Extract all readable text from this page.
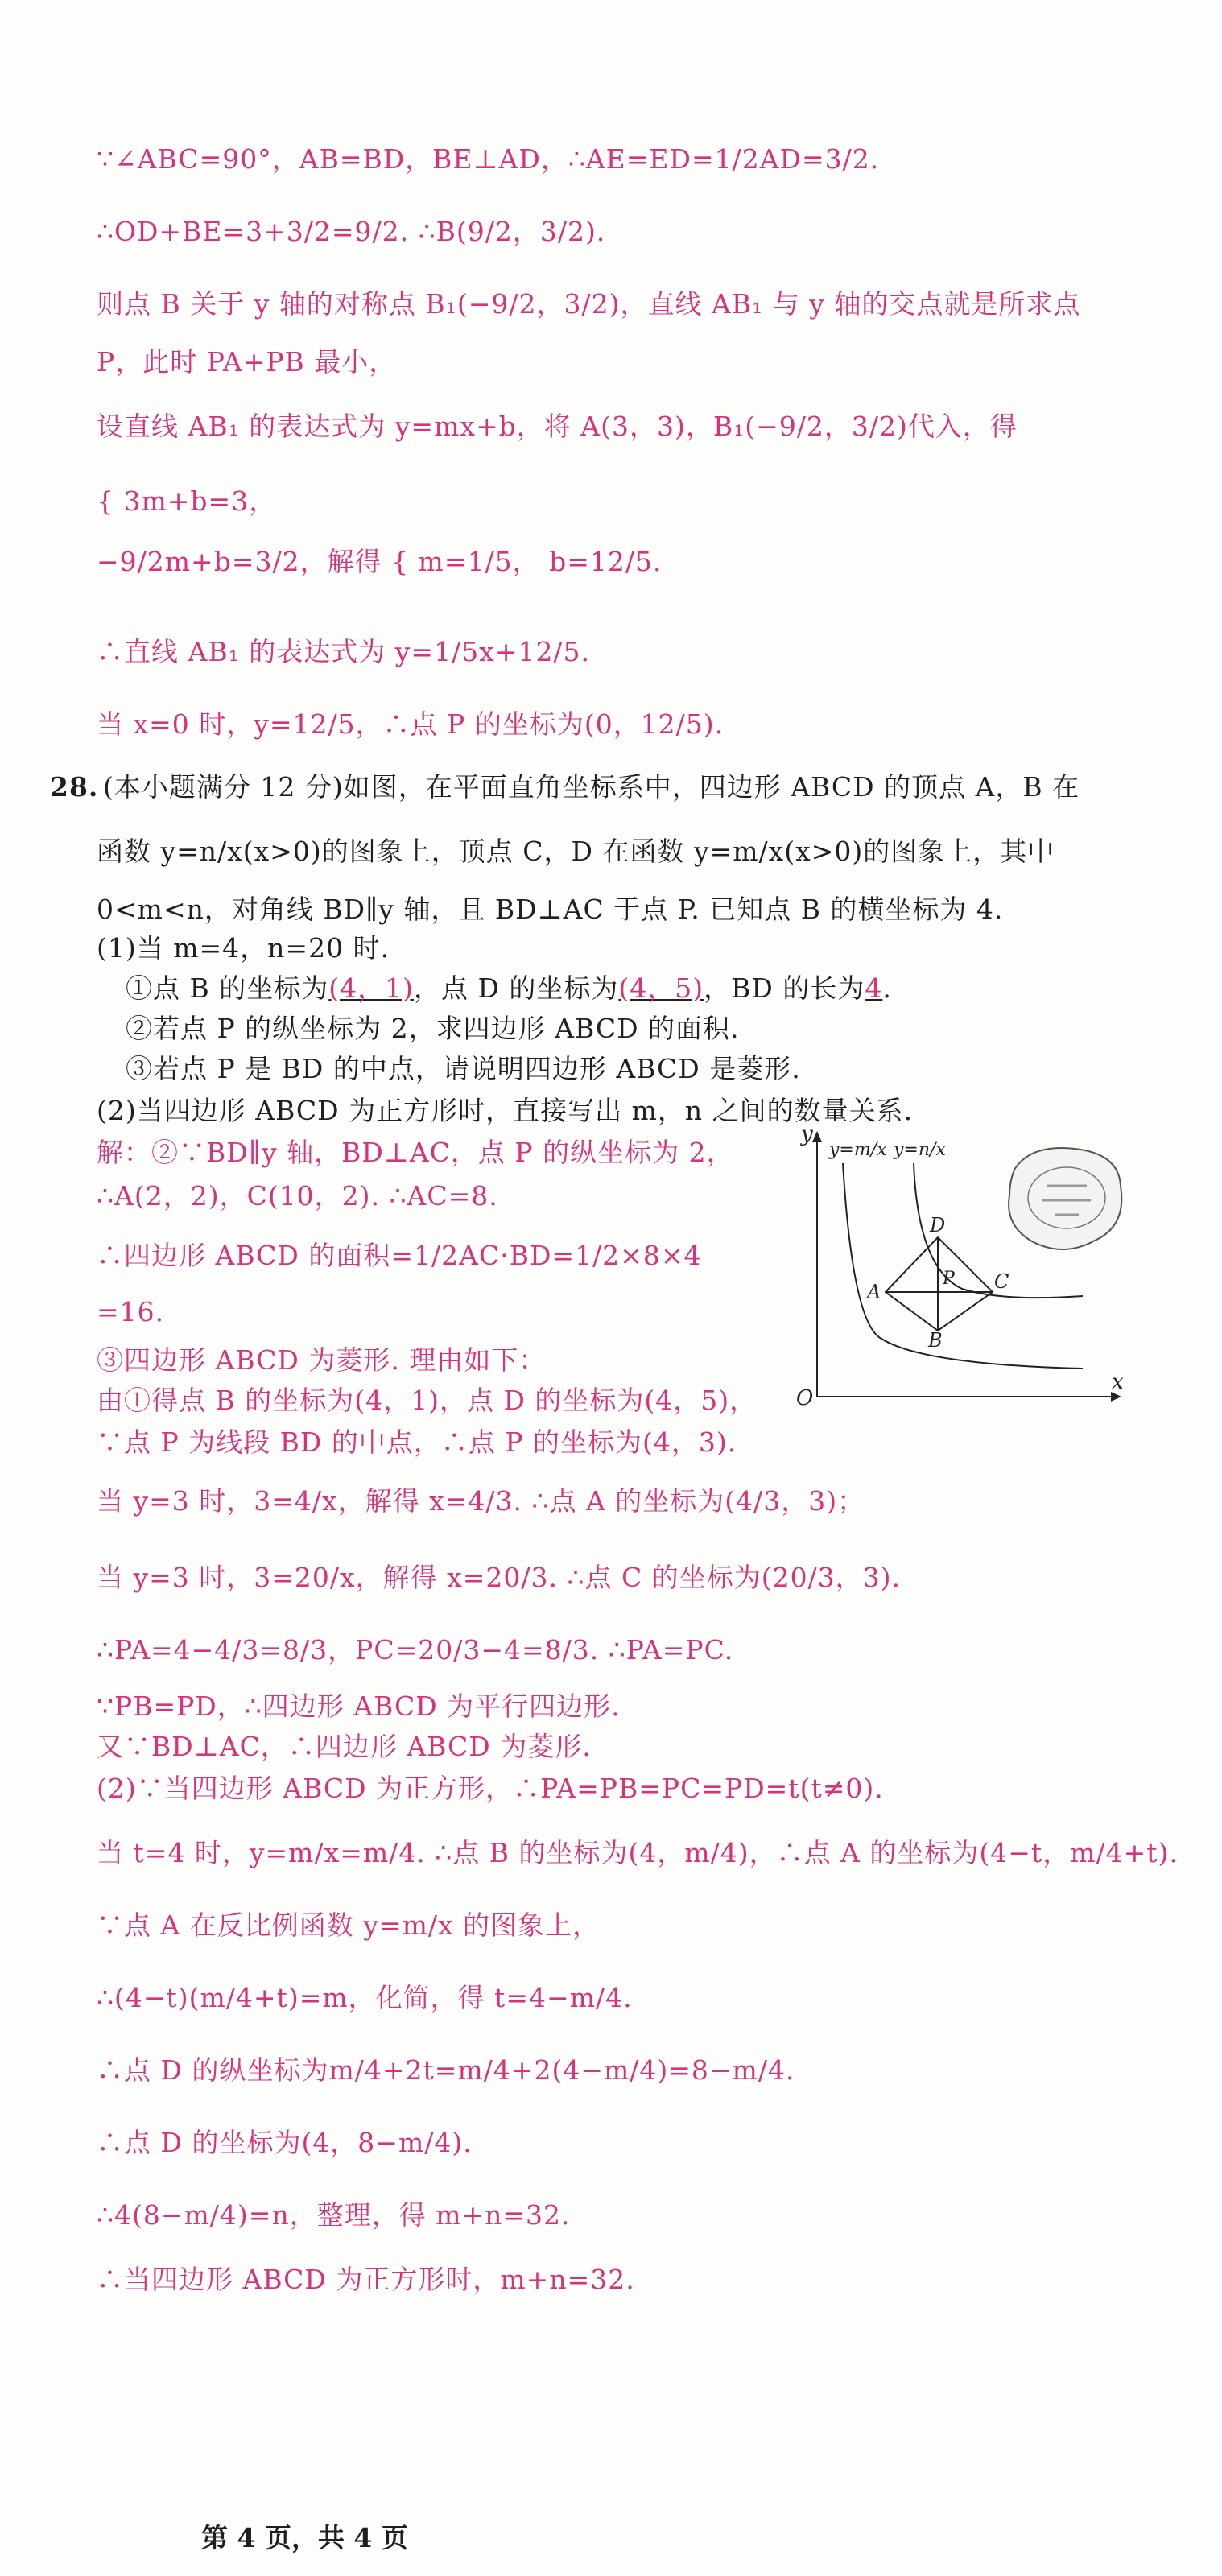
∵∠ABC=90°，AB=BD，BE⊥AD，∴AE=ED=1/2AD=3/2.
∴OD+BE=3+3/2=9/2. ∴B(9/2，3/2).
则点 B 关于 y 轴的对称点 B₁(−9/2，3/2)，直线 AB₁ 与 y 轴的交点就是所求点
P，此时 PA+PB 最小，
设直线 AB₁ 的表达式为 y=mx+b，将 A(3，3)，B₁(−9/2，3/2)代入，得
{ 3m+b=3，
−9/2m+b=3/2，解得 { m=1/5， b=12/5.
∴直线 AB₁ 的表达式为 y=1/5x+12/5.
当 x=0 时，y=12/5，∴点 P 的坐标为(0，12/5).
28. (本小题满分 12 分)如图，在平面直角坐标系中，四边形 ABCD 的顶点 A，B 在
函数 y=n/x(x>0)的图象上，顶点 C，D 在函数 y=m/x(x>0)的图象上，其中
0<m<n，对角线 BD∥y 轴，且 BD⊥AC 于点 P. 已知点 B 的横坐标为 4.
(1)当 m=4，n=20 时.
①点 B 的坐标为(4，1)，点 D 的坐标为(4，5)，BD 的长为4.
②若点 P 的纵坐标为 2，求四边形 ABCD 的面积.
③若点 P 是 BD 的中点，请说明四边形 ABCD 是菱形.
(2)当四边形 ABCD 为正方形时，直接写出 m，n 之间的数量关系.
解：②∵BD∥y 轴，BD⊥AC，点 P 的纵坐标为 2，
∴A(2，2)，C(10，2). ∴AC=8.
∴四边形 ABCD 的面积=1/2AC·BD=1/2×8×4
=16.
③四边形 ABCD 为菱形. 理由如下：
由①得点 B 的坐标为(4，1)，点 D 的坐标为(4，5)，
∵点 P 为线段 BD 的中点，∴点 P 的坐标为(4，3).
当 y=3 时，3=4/x，解得 x=4/3. ∴点 A 的坐标为(4/3，3)；
当 y=3 时，3=20/x，解得 x=20/3. ∴点 C 的坐标为(20/3，3).
∴PA=4−4/3=8/3，PC=20/3−4=8/3. ∴PA=PC.
∵PB=PD，∴四边形 ABCD 为平行四边形.
又∵BD⊥AC，∴四边形 ABCD 为菱形.
(2)∵当四边形 ABCD 为正方形，∴PA=PB=PC=PD=t(t≠0).
当 t=4 时，y=m/x=m/4. ∴点 B 的坐标为(4，m/4)，∴点 A 的坐标为(4−t，m/4+t).
∵点 A 在反比例函数 y=m/x 的图象上，
∴(4−t)(m/4+t)=m，化简，得 t=4−m/4.
∴点 D 的纵坐标为m/4+2t=m/4+2(4−m/4)=8−m/4.
∴点 D 的坐标为(4，8−m/4).
∴4(8−m/4)=n，整理，得 m+n=32.
∴当四边形 ABCD 为正方形时，m+n=32.
y
x
O
y=m/x y=n/x
A
B
C
D
P
第 4 页，共 4 页
